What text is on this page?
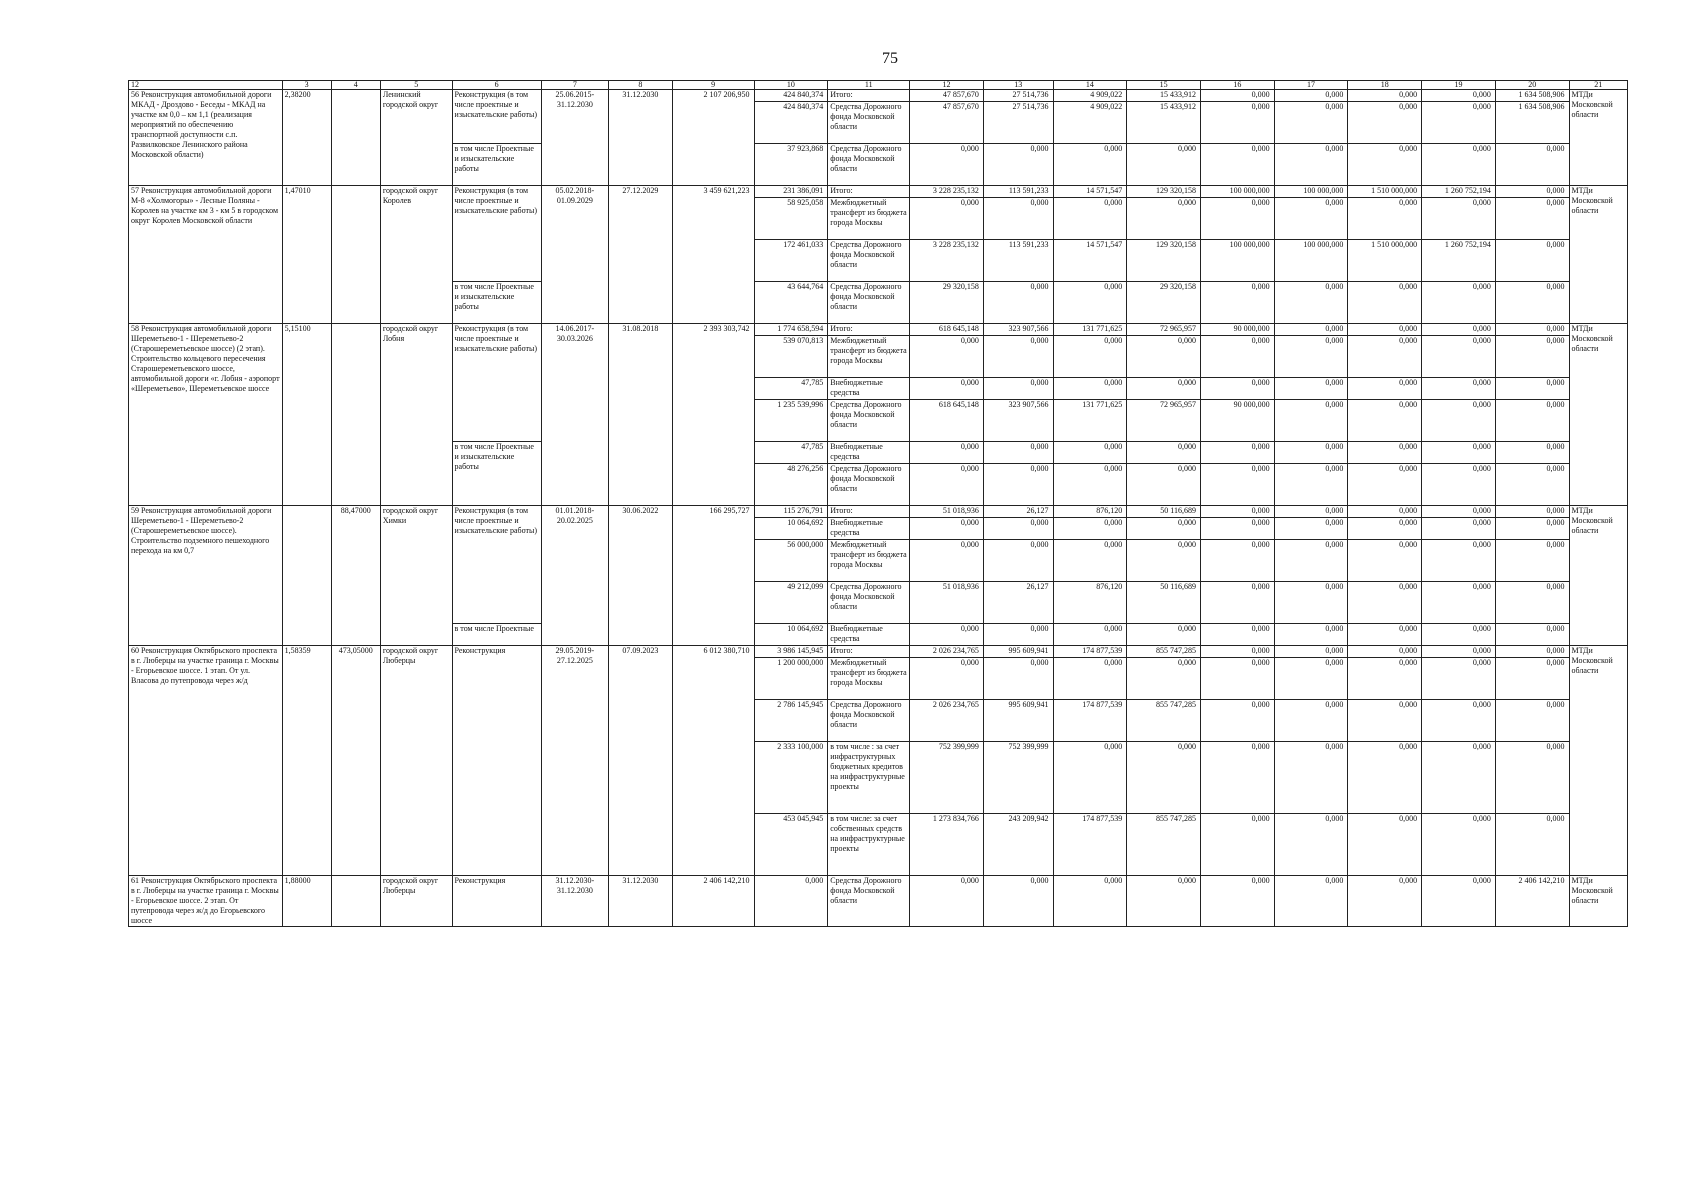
75
1 2	3	4	5	6	7	8	9	10	11	12	13	14	15	16	17	18	19	20	21
56 Реконструкция автомобильной дороги МКАД - Дроздово - Беседы - МКАД на участке км 0,0 – км 1,1 (реализация мероприятий по обеспечению транспортной доступности с.п. Развилковское Ленинского района Московской области)	2,38200		Ленинский городской округ	Реконструкция (в том числе проектные и изыскательские работы)	25.06.2015-
31.12.2030	31.12.2030	2 107 206,950	424 840,374	Итого:	47 857,670	27 514,736	4 909,022	15 433,912	0,000	0,000	0,000	0,000	1 634 508,906	МТДи Московской области
								424 840,374	Средства Дорожного фонда Московской области	47 857,670	27 514,736	4 909,022	15 433,912	0,000	0,000	0,000	0,000	1 634 508,906	
				в том числе Проектные и изыскательские работы				37 923,868	Средства Дорожного фонда Московской области	0,000	0,000	0,000	0,000	0,000	0,000	0,000	0,000	0,000	
57 Реконструкция автомобильной дороги М-8 «Холмогоры» - Лесные Поляны - Королев на участке км 3 - км 5 в городском округ Королев Московской области	1,47010		городской округ Королев	Реконструкция (в том числе проектные и изыскательские работы)	05.02.2018-
01.09.2029	27.12.2029	3 459 621,223	231 386,091	Итого:	3 228 235,132	113 591,233	14 571,547	129 320,158	100 000,000	100 000,000	1 510 000,000	1 260 752,194	0,000	МТДи Московской области
								58 925,058	Межбюджетный трансферт из бюджета города Москвы	0,000	0,000	0,000	0,000	0,000	0,000	0,000	0,000	0,000	
								172 461,033	Средства Дорожного фонда Московской области	3 228 235,132	113 591,233	14 571,547	129 320,158	100 000,000	100 000,000	1 510 000,000	1 260 752,194	0,000	
				в том числе Проектные и изыскательские работы				43 644,764	Средства Дорожного фонда Московской области	29 320,158	0,000	0,000	29 320,158	0,000	0,000	0,000	0,000	0,000	
58 Реконструкция автомобильной дороги Шереметьево-1 - Шереметьево-2 (Старошереметьевское шоссе) (2 этап). Строительство кольцевого пересечения Старошереметьевского шоссе, автомобильной дороги «г. Лобня - аэропорт «Шереметьево», Шереметьевское шоссе	5,15100		городской округ Лобня	Реконструкция (в том числе проектные и изыскательские работы)	14.06.2017-
30.03.2026	31.08.2018	2 393 303,742	1 774 658,594	Итого:	618 645,148	323 907,566	131 771,625	72 965,957	90 000,000	0,000	0,000	0,000	0,000	МТДи Московской области
								539 070,813	Межбюджетный трансферт из бюджета города Москвы	0,000	0,000	0,000	0,000	0,000	0,000	0,000	0,000	0,000	
								47,785	Внебюджетные средства	0,000	0,000	0,000	0,000	0,000	0,000	0,000	0,000	0,000	
								1 235 539,996	Средства Дорожного фонда Московской области	618 645,148	323 907,566	131 771,625	72 965,957	90 000,000	0,000	0,000	0,000	0,000	
				в том числе Проектные и изыскательские работы				47,785	Внебюджетные средства	0,000	0,000	0,000	0,000	0,000	0,000	0,000	0,000	0,000	
								48 276,256	Средства Дорожного фонда Московской области	0,000	0,000	0,000	0,000	0,000	0,000	0,000	0,000	0,000	
59 Реконструкция автомобильной дороги Шереметьево-1 - Шереметьево-2 (Старошереметьевское шоссе). Строительство подземного пешеходного перехода на км 0,7		88,47000	городской округ Химки	Реконструкция (в том числе проектные и изыскательские работы)	01.01.2018-
20.02.2025	30.06.2022	166 295,727	115 276,791	Итого:	51 018,936	26,127	876,120	50 116,689	0,000	0,000	0,000	0,000	0,000	МТДи Московской области
								10 064,692	Внебюджетные средства	0,000	0,000	0,000	0,000	0,000	0,000	0,000	0,000	0,000	
								56 000,000	Межбюджетный трансферт из бюджета города Москвы	0,000	0,000	0,000	0,000	0,000	0,000	0,000	0,000	0,000	
								49 212,099	Средства Дорожного фонда Московской области	51 018,936	26,127	876,120	50 116,689	0,000	0,000	0,000	0,000	0,000	
				в том числе Проектные				10 064,692	Внебюджетные средства	0,000	0,000	0,000	0,000	0,000	0,000	0,000	0,000	0,000	
60 Реконструкция Октябрьского проспекта в г. Люберцы на участке граница г. Москвы - Егорьевское шоссе. 1 этап. От ул. Власова до путепровода через ж/д	1,58359	473,05000	городской округ Люберцы	Реконструкция	29.05.2019-
27.12.2025	07.09.2023	6 012 380,710	3 986 145,945	Итого:	2 026 234,765	995 609,941	174 877,539	855 747,285	0,000	0,000	0,000	0,000	0,000	МТДи Московской области
								1 200 000,000	Межбюджетный трансферт из бюджета города Москвы	0,000	0,000	0,000	0,000	0,000	0,000	0,000	0,000	0,000	
								2 786 145,945	Средства Дорожного фонда Московской области	2 026 234,765	995 609,941	174 877,539	855 747,285	0,000	0,000	0,000	0,000	0,000	
								2 333 100,000	в том числе : за счет инфраструктурных бюджетных кредитов на инфраструктурные проекты	752 399,999	752 399,999	0,000	0,000	0,000	0,000	0,000	0,000	0,000	
								453 045,945	в том числе: за счет собственных средств на инфраструктурные проекты	1 273 834,766	243 209,942	174 877,539	855 747,285	0,000	0,000	0,000	0,000	0,000	
61 Реконструкция Октябрьского проспекта в г. Люберцы на участке граница г. Москвы - Егорьевское шоссе. 2 этап. От путепровода через ж/д до Егорьевского шоссе	1,88000		городской округ Люберцы	Реконструкция	31.12.2030-
31.12.2030	31.12.2030	2 406 142,210	0,000	Средства Дорожного фонда Московской области	0,000	0,000	0,000	0,000	0,000	0,000	0,000	0,000	2 406 142,210	МТДи Московской области
